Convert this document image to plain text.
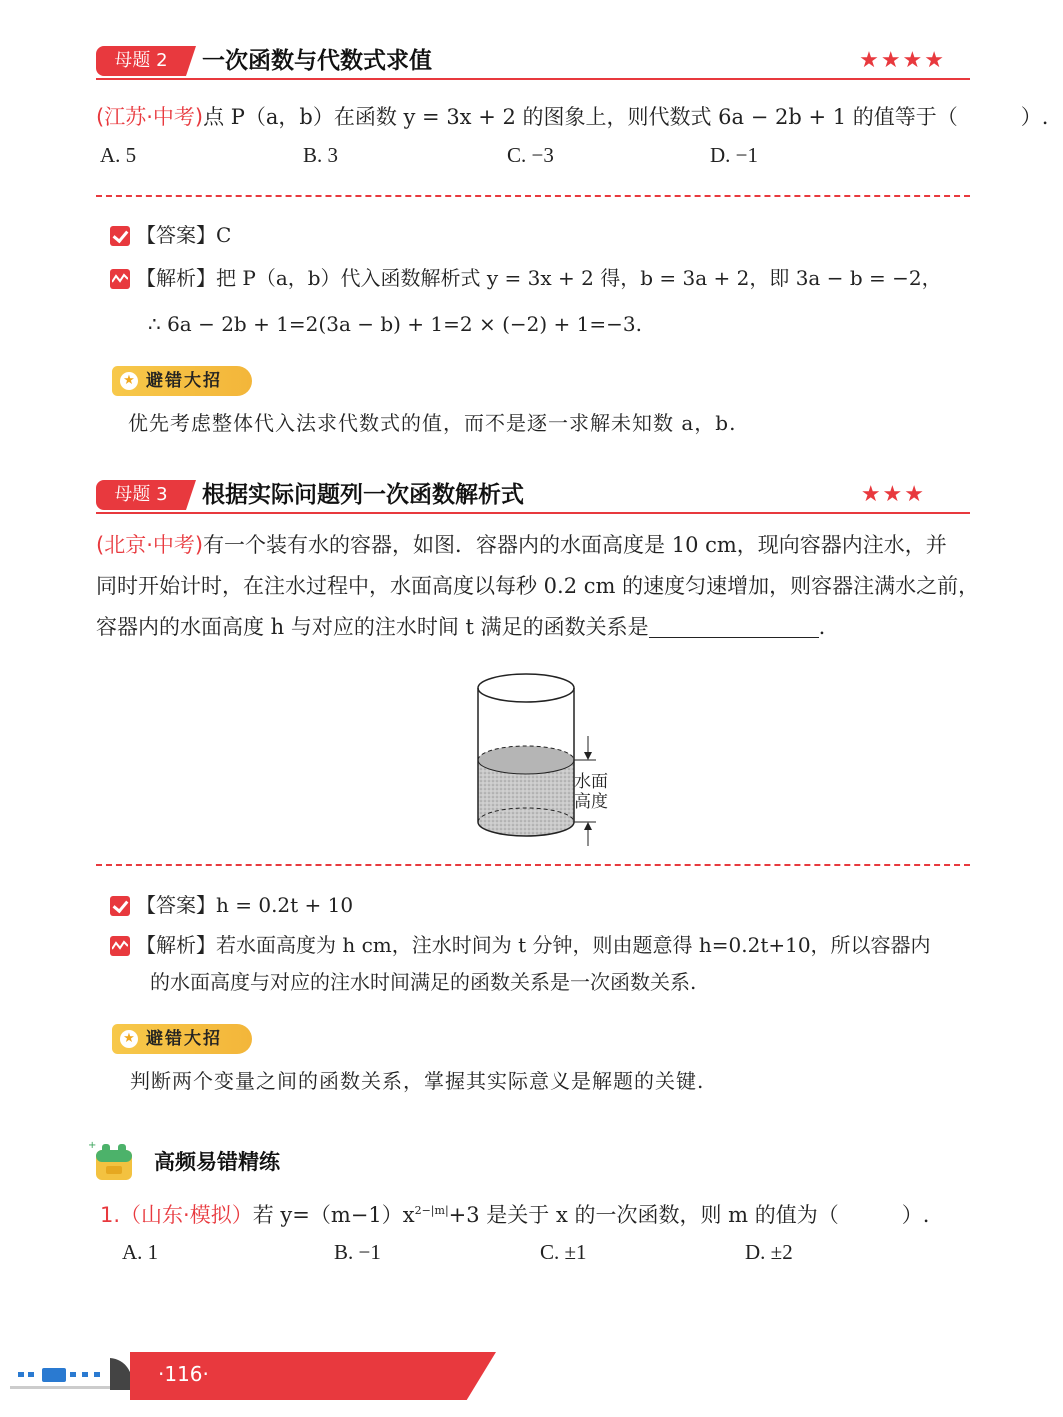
母题 2	一次函数与代数式求值	★★★★
(江苏·中考)点 P（a，b）在函数 y = 3x + 2 的图象上，则代数式 6a − 2b + 1 的值等于（　　　）.
A. 5	B. 3	C. −3	D. −1
【答案】C
【解析】把 P（a，b）代入函数解析式 y = 3x + 2 得，b = 3a + 2，即 3a − b = −2，
∴ 6a − 2b + 1=2(3a − b) + 1=2 × (−2) + 1=−3.
★ 避错大招
优先考虑整体代入法求代数式的值，而不是逐一求解未知数 a，b.
母题 3	根据实际问题列一次函数解析式	★★★
(北京·中考)有一个装有水的容器，如图．容器内的水面高度是 10 cm，现向容器内注水，并
同时开始计时，在注水过程中，水面高度以每秒 0.2 cm 的速度匀速增加，则容器注满水之前，
容器内的水面高度 h 与对应的注水时间 t 满足的函数关系是	.
水面
高度
【答案】h = 0.2t + 10
【解析】若水面高度为 h cm，注水时间为 t 分钟，则由题意得 h=0.2t+10，所以容器内
的水面高度与对应的注水时间满足的函数关系是一次函数关系.
★ 避错大招
判断两个变量之间的函数关系，掌握其实际意义是解题的关键.
+
高频易错精练
1.（山东·模拟）若 $y=(m-1)x^{2-|m|}+3$ 是关于 x 的一次函数，则 m 的值为（　　　）.
A. 1	B. −1	C. ±1	D. ±2
·116·
